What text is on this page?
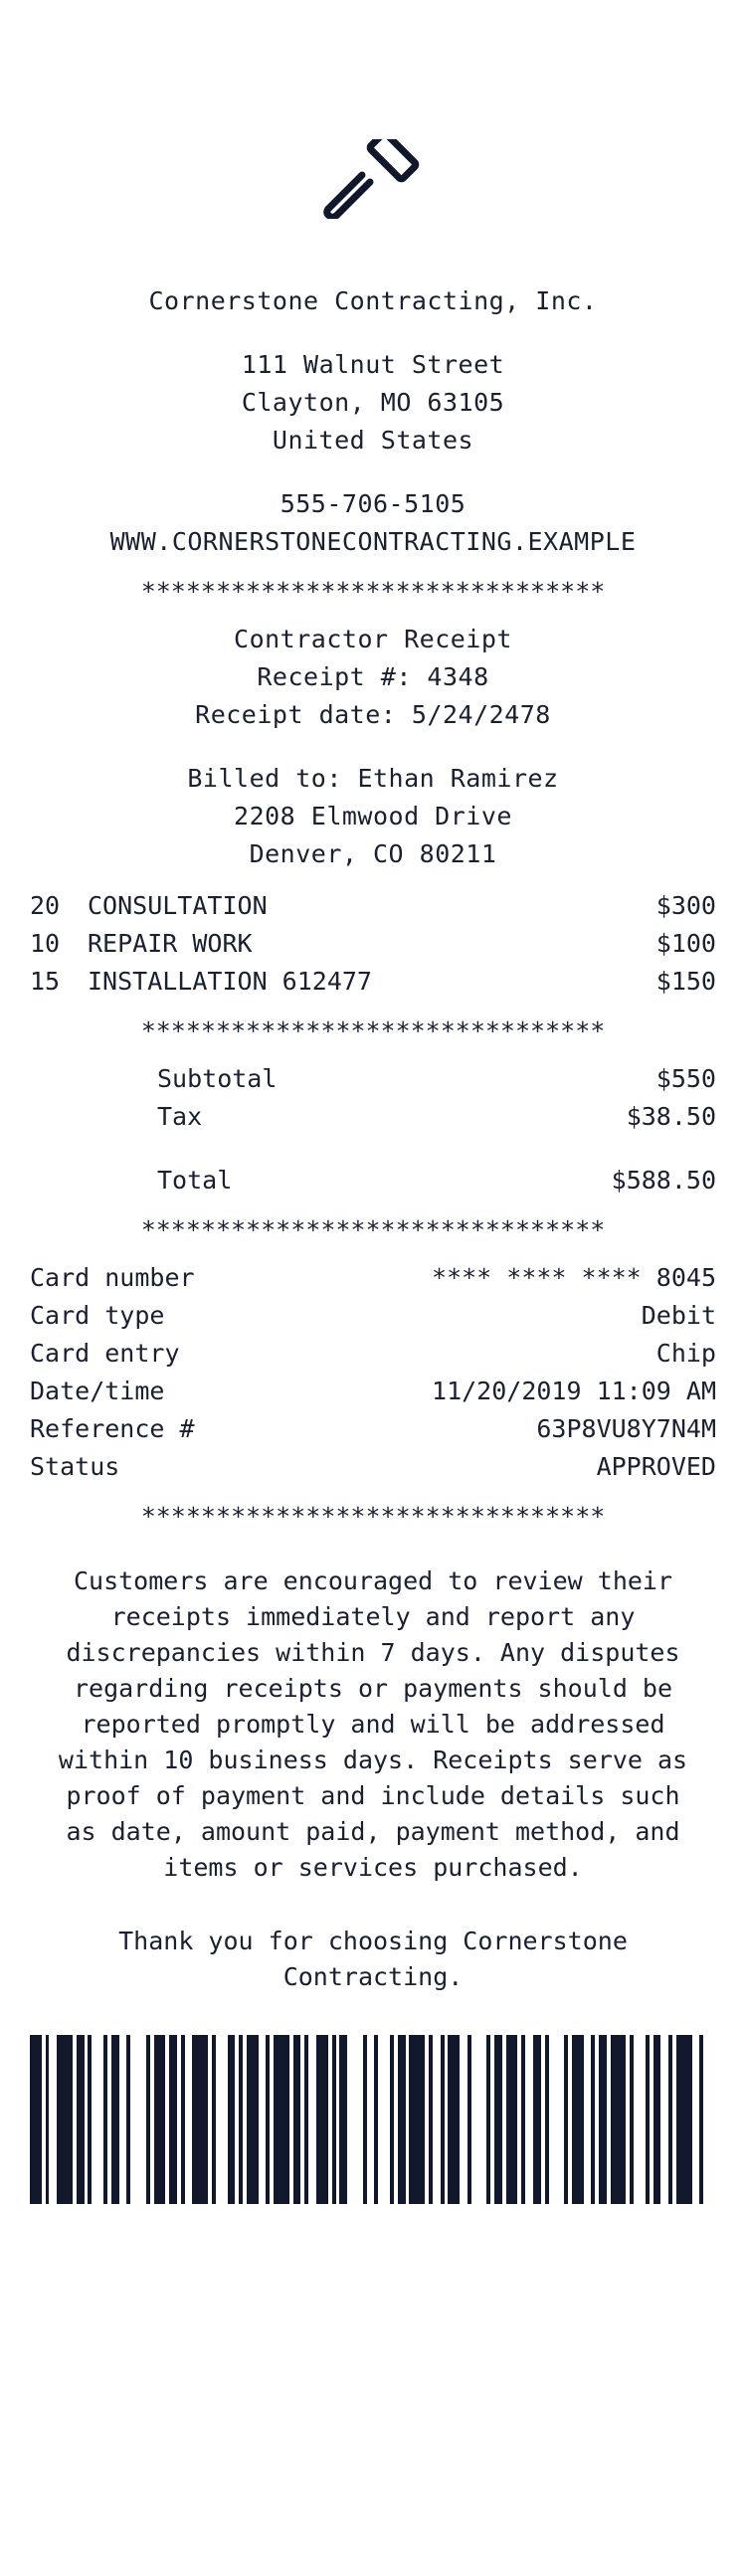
Cornerstone Contracting, Inc.
111 Walnut Street
Clayton, MO 63105
United States
555-706-5105
WWW.CORNERSTONECONTRACTING.EXAMPLE
*******************************
Contractor Receipt
Receipt #: 4348
Receipt date: 5/24/2478
Billed to: Ethan Ramirez
2208 Elmwood Drive
Denver, CO 80211
20	CONSULTATION	$300
10	REPAIR WORK	$100
15	INSTALLATION 612477	$150
*******************************
Subtotal	$550
Tax	$38.50
Total	$588.50
*******************************
Card number	**** **** **** 8045
Card type	Debit
Card entry	Chip
Date/time	11/20/2019 11:09 AM
Reference #	63P8VU8Y7N4M
Status	APPROVED
*******************************
Customers are encouraged to review their receipts immediately and report any discrepancies within 7 days. Any disputes regarding receipts or payments should be reported promptly and will be addressed within 10 business days. Receipts serve as proof of payment and include details such as date, amount paid, payment method, and items or services purchased.
Thank you for choosing Cornerstone Contracting.
